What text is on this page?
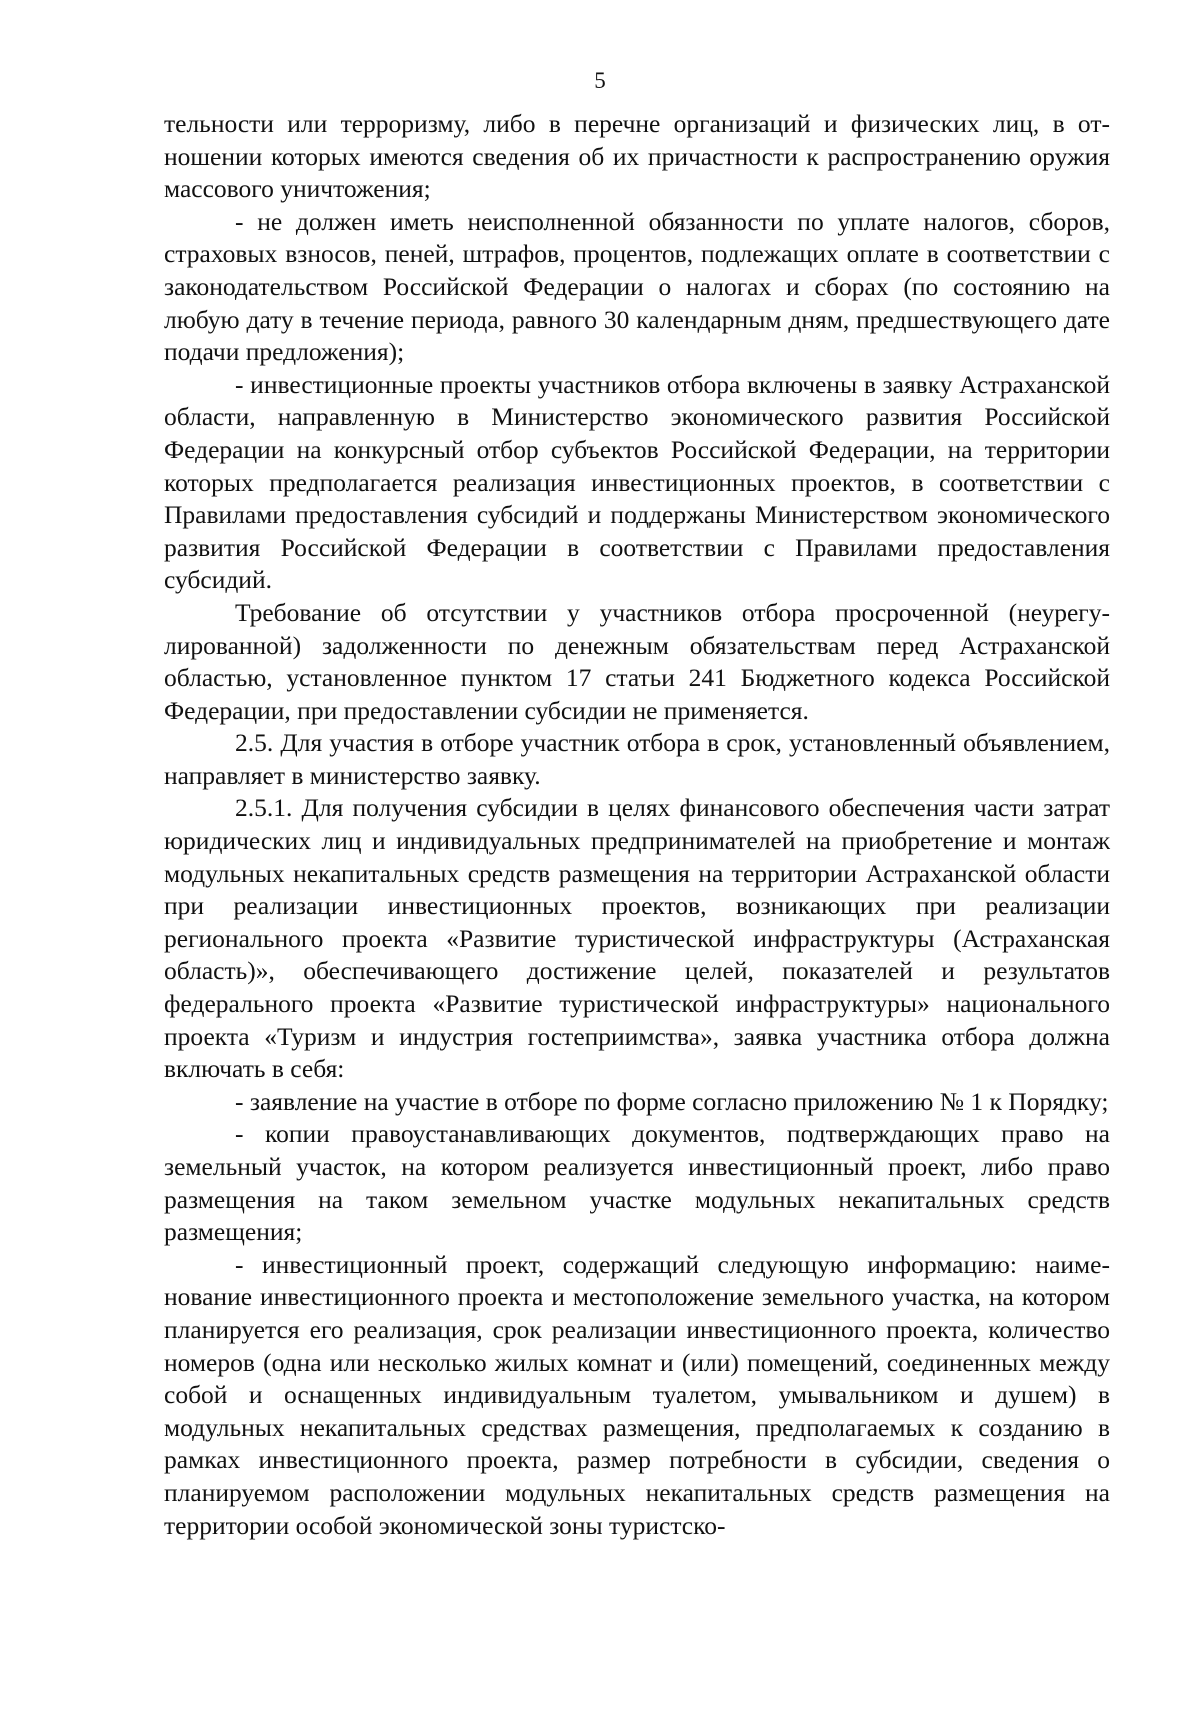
5

тельности или терроризму, либо в перечне организаций и физических лиц, в отношении которых имеются сведения об их причастности к распространению оружия массового уничтожения;

- не должен иметь неисполненной обязанности по уплате налогов, сборов, страховых взносов, пеней, штрафов, процентов, подлежащих оплате в соответствии с законодательством Российской Федерации о налогах и сборах (по состоянию на любую дату в течение периода, равного 30 календарным дням, предшествующего дате подачи предложения);

- инвестиционные проекты участников отбора включены в заявку Астраханской области, направленную в Министерство экономического развития Российской Федерации на конкурсный отбор субъектов Российской Федерации, на территории которых предполагается реализация инвестиционных проектов, в соответствии с Правилами предоставления субсидий и поддержаны Министерством экономического развития Российской Федерации в соответствии с Правилами предоставления субсидий.

Требование об отсутствии у участников отбора просроченной (неурегулированной) задолженности по денежным обязательствам перед Астраханской областью, установленное пунктом 17 статьи 241 Бюджетного кодекса Российской Федерации, при предоставлении субсидии не применяется.

2.5. Для участия в отборе участник отбора в срок, установленный объявлением, направляет в министерство заявку.

2.5.1. Для получения субсидии в целях финансового обеспечения части затрат юридических лиц и индивидуальных предпринимателей на приобретение и монтаж модульных некапитальных средств размещения на территории Астраханской области при реализации инвестиционных проектов, возникающих при реализации регионального проекта «Развитие туристической инфраструктуры (Астраханская область)», обеспечивающего достижение целей, показателей и результатов федерального проекта «Развитие туристической инфраструктуры» национального проекта «Туризм и индустрия гостеприимства», заявка участника отбора должна включать в себя:

- заявление на участие в отборе по форме согласно приложению № 1 к Порядку;

- копии правоустанавливающих документов, подтверждающих право на земельный участок, на котором реализуется инвестиционный проект, либо право размещения на таком земельном участке модульных некапитальных средств размещения;

- инвестиционный проект, содержащий следующую информацию: наименование инвестиционного проекта и местоположение земельного участка, на котором планируется его реализация, срок реализации инвестиционного проекта, количество номеров (одна или несколько жилых комнат и (или) помещений, соединенных между собой и оснащенных индивидуальным туалетом, умывальником и душем) в модульных некапитальных средствах размещения, предполагаемых к созданию в рамках инвестиционного проекта, размер потребности в субсидии, сведения о планируемом расположении модульных некапитальных средств размещения на территории особой экономической зоны туристско-
